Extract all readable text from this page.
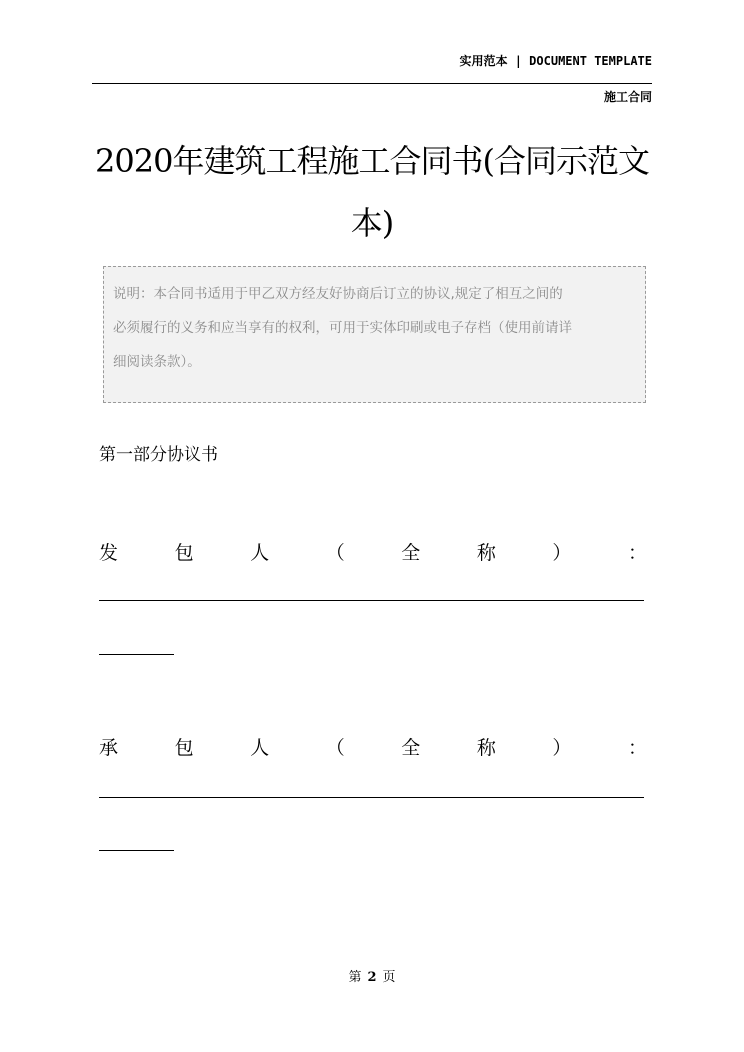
实用范本 | DOCUMENT TEMPLATE
施工合同
2020年建筑工程施工合同书(合同示范文
本)
说明：本合同书适用于甲乙双方经友好协商后订立的协议,规定了相互之间的
必须履行的义务和应当享有的权利，可用于实体印刷或电子存档（使用前请详
细阅读条款）。
第一部分协议书
发	包	人	（	全	称	）	：
承	包	人	（	全	称	）	：
第 2 页
